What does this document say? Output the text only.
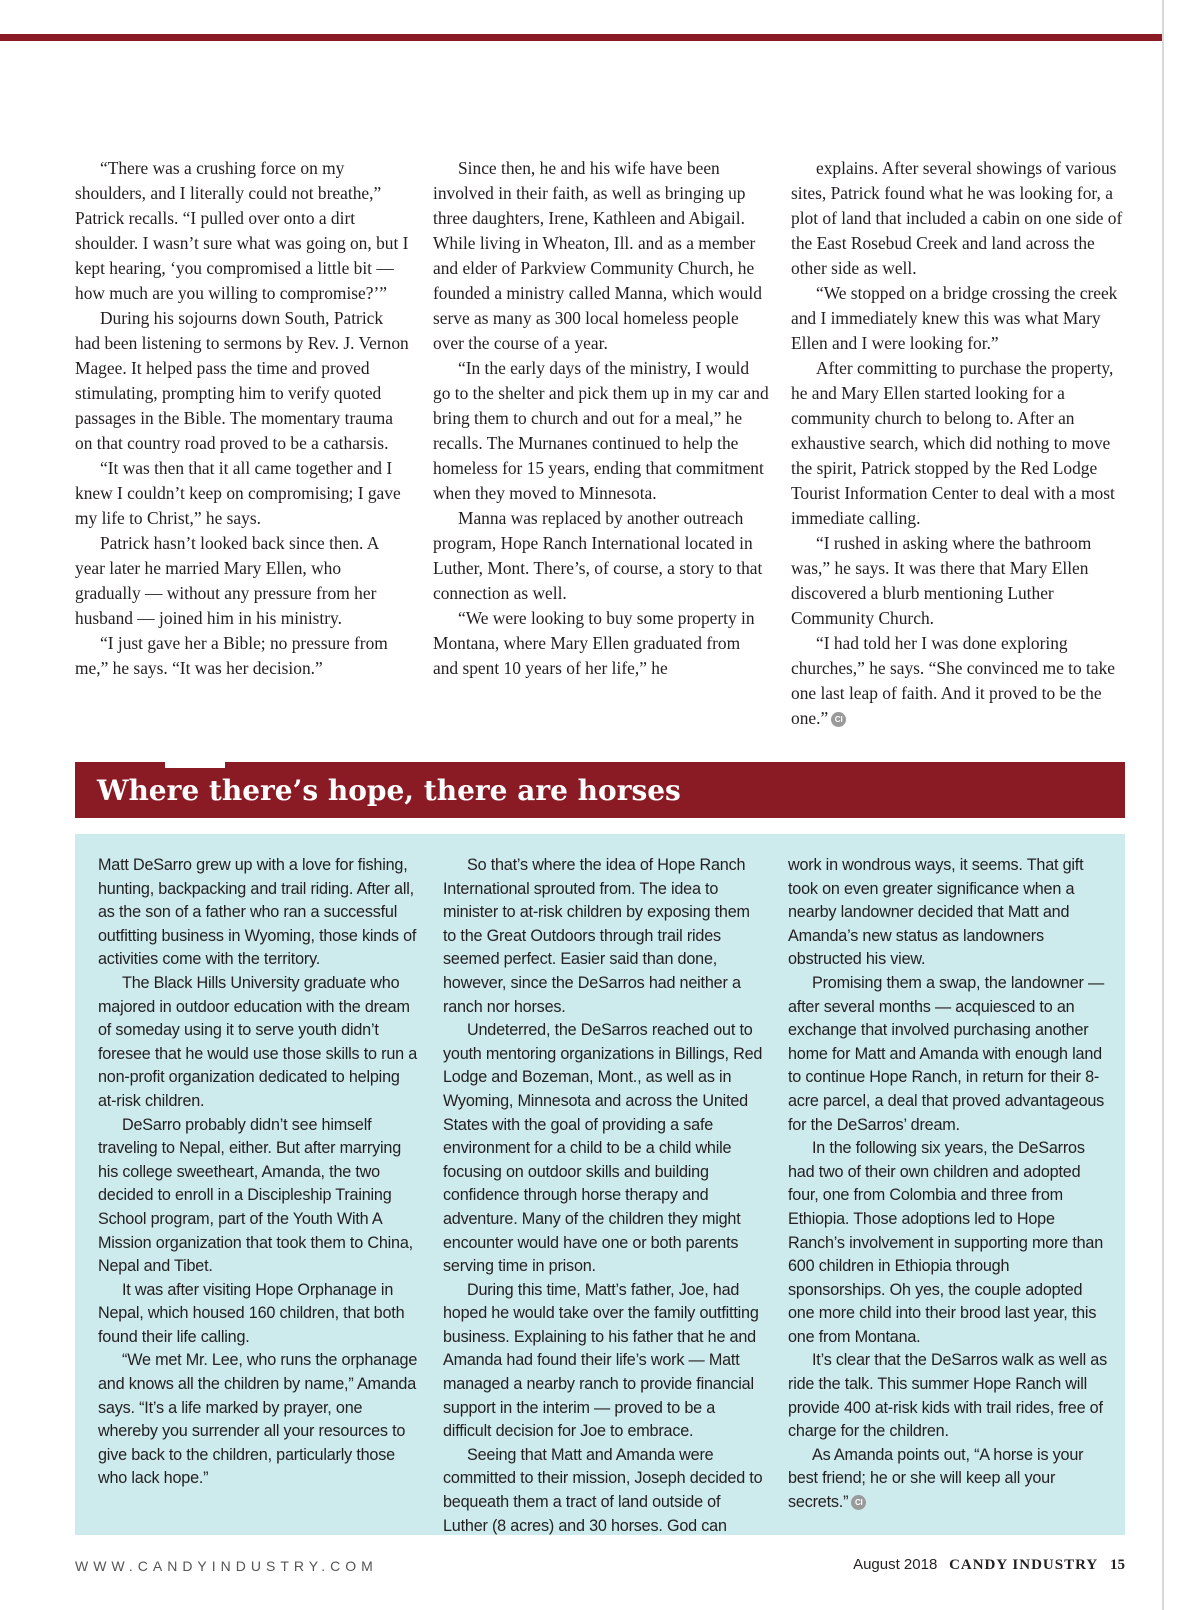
“There was a crushing force on my shoulders, and I literally could not breathe,” Patrick recalls. “I pulled over onto a dirt shoulder. I wasn’t sure what was going on, but I kept hearing, ‘you compromised a little bit — how much are you willing to compromise?’”

During his sojourns down South, Patrick had been listening to sermons by Rev. J. Vernon Magee. It helped pass the time and proved stimulating, prompting him to verify quoted passages in the Bible. The momentary trauma on that country road proved to be a catharsis.

“It was then that it all came together and I knew I couldn’t keep on compromising; I gave my life to Christ,” he says.

Patrick hasn’t looked back since then. A year later he married Mary Ellen, who gradually — without any pressure from her husband — joined him in his ministry.

“I just gave her a Bible; no pressure from me,” he says. “It was her decision.”

Since then, he and his wife have been involved in their faith, as well as bringing up three daughters, Irene, Kathleen and Abigail. While living in Wheaton, Ill. and as a member and elder of Parkview Community Church, he founded a ministry called Manna, which would serve as many as 300 local homeless people over the course of a year.

“In the early days of the ministry, I would go to the shelter and pick them up in my car and bring them to church and out for a meal,” he recalls. The Murnanes continued to help the homeless for 15 years, ending that commitment when they moved to Minnesota.

Manna was replaced by another outreach program, Hope Ranch International located in Luther, Mont. There’s, of course, a story to that connection as well.

“We were looking to buy some property in Montana, where Mary Ellen graduated from and spent 10 years of her life,” he

explains. After several showings of various sites, Patrick found what he was looking for, a plot of land that included a cabin on one side of the East Rosebud Creek and land across the other side as well.

“We stopped on a bridge crossing the creek and I immediately knew this was what Mary Ellen and I were looking for.”

After committing to purchase the property, he and Mary Ellen started looking for a community church to belong to. After an exhaustive search, which did nothing to move the spirit, Patrick stopped by the Red Lodge Tourist Information Center to deal with a most immediate calling.

“I rushed in asking where the bathroom was,” he says. It was there that Mary Ellen discovered a blurb mentioning Luther Community Church.

“I had told her I was done exploring churches,” he says. “She convinced me to take one last leap of faith. And it proved to be the one.” CI

Where there’s hope, there are horses

Matt DeSarro grew up with a love for fishing, hunting, backpacking and trail riding. After all, as the son of a father who ran a successful outfitting business in Wyoming, those kinds of activities come with the territory.

The Black Hills University graduate who majored in outdoor education with the dream of someday using it to serve youth didn’t foresee that he would use those skills to run a non-profit organization dedicated to helping at-risk children.

DeSarro probably didn’t see himself traveling to Nepal, either. But after marrying his college sweetheart, Amanda, the two decided to enroll in a Discipleship Training School program, part of the Youth With A Mission organization that took them to China, Nepal and Tibet.

It was after visiting Hope Orphanage in Nepal, which housed 160 children, that both found their life calling.

“We met Mr. Lee, who runs the orphanage and knows all the children by name,” Amanda says. “It’s a life marked by prayer, one whereby you surrender all your resources to give back to the children, particularly those who lack hope.”

So that’s where the idea of Hope Ranch International sprouted from. The idea to minister to at-risk children by exposing them to the Great Outdoors through trail rides seemed perfect. Easier said than done, however, since the DeSarros had neither a ranch nor horses.

Undeterred, the DeSarros reached out to youth mentoring organizations in Billings, Red Lodge and Bozeman, Mont., as well as in Wyoming, Minnesota and across the United States with the goal of providing a safe environment for a child to be a child while focusing on outdoor skills and building confidence through horse therapy and adventure. Many of the children they might encounter would have one or both parents serving time in prison.

During this time, Matt’s father, Joe, had hoped he would take over the family outfitting business. Explaining to his father that he and Amanda had found their life’s work — Matt managed a nearby ranch to provide financial support in the interim — proved to be a difficult decision for Joe to embrace.

Seeing that Matt and Amanda were committed to their mission, Joseph decided to bequeath them a tract of land outside of Luther (8 acres) and 30 horses. God can

work in wondrous ways, it seems. That gift took on even greater significance when a nearby landowner decided that Matt and Amanda’s new status as landowners obstructed his view.

Promising them a swap, the landowner — after several months — acquiesced to an exchange that involved purchasing another home for Matt and Amanda with enough land to continue Hope Ranch, in return for their 8-acre parcel, a deal that proved advantageous for the DeSarros’ dream.

In the following six years, the DeSarros had two of their own children and adopted four, one from Colombia and three from Ethiopia. Those adoptions led to Hope Ranch’s involvement in supporting more than 600 children in Ethiopia through sponsorships. Oh yes, the couple adopted one more child into their brood last year, this one from Montana.

It’s clear that the DeSarros walk as well as ride the talk. This summer Hope Ranch will provide 400 at-risk kids with trail rides, free of charge for the children.

As Amanda points out, “A horse is your best friend; he or she will keep all your secrets.” CI

WWW.CANDYINDUSTRY.COM	August 2018 CANDY INDUSTRY 15
